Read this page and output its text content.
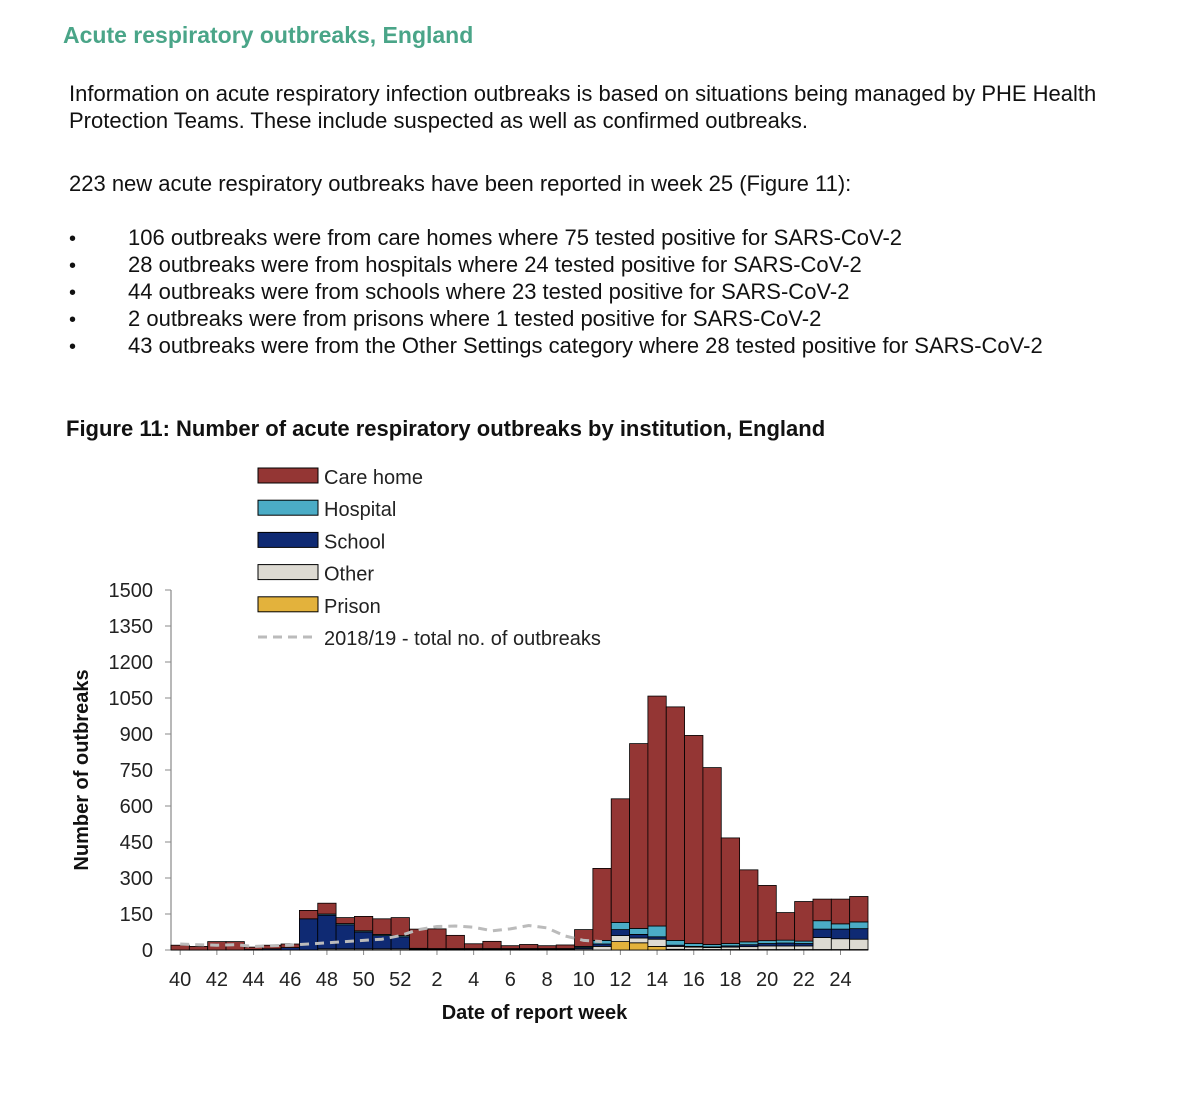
Acute respiratory outbreaks, England
Information on acute respiratory infection outbreaks is based on situations being managed by PHE Health Protection Teams. These include suspected as well as confirmed outbreaks.
223 new acute respiratory outbreaks have been reported in week 25 (Figure 11):
• 106 outbreaks were from care homes where 75 tested positive for SARS-CoV-2
• 28 outbreaks were from hospitals where 24 tested positive for SARS-CoV-2
• 44 outbreaks were from schools where 23 tested positive for SARS-CoV-2
• 2 outbreaks were from prisons where 1 tested positive for SARS-CoV-2
• 43 outbreaks were from the Other Settings category where 28 tested positive for SARS-CoV-2
Figure 11: Number of acute respiratory outbreaks by institution, England
Care home
Hospital
School
Other
Prison
2018/19 - total no. of outbreaks
0
150
300
450
600
750
900
1050
1200
1350
1500
40 42 44 46 48 50 52 2 4 6 8 10 12 14 16 18 20 22 24
Number of outbreaks
Date of report week
